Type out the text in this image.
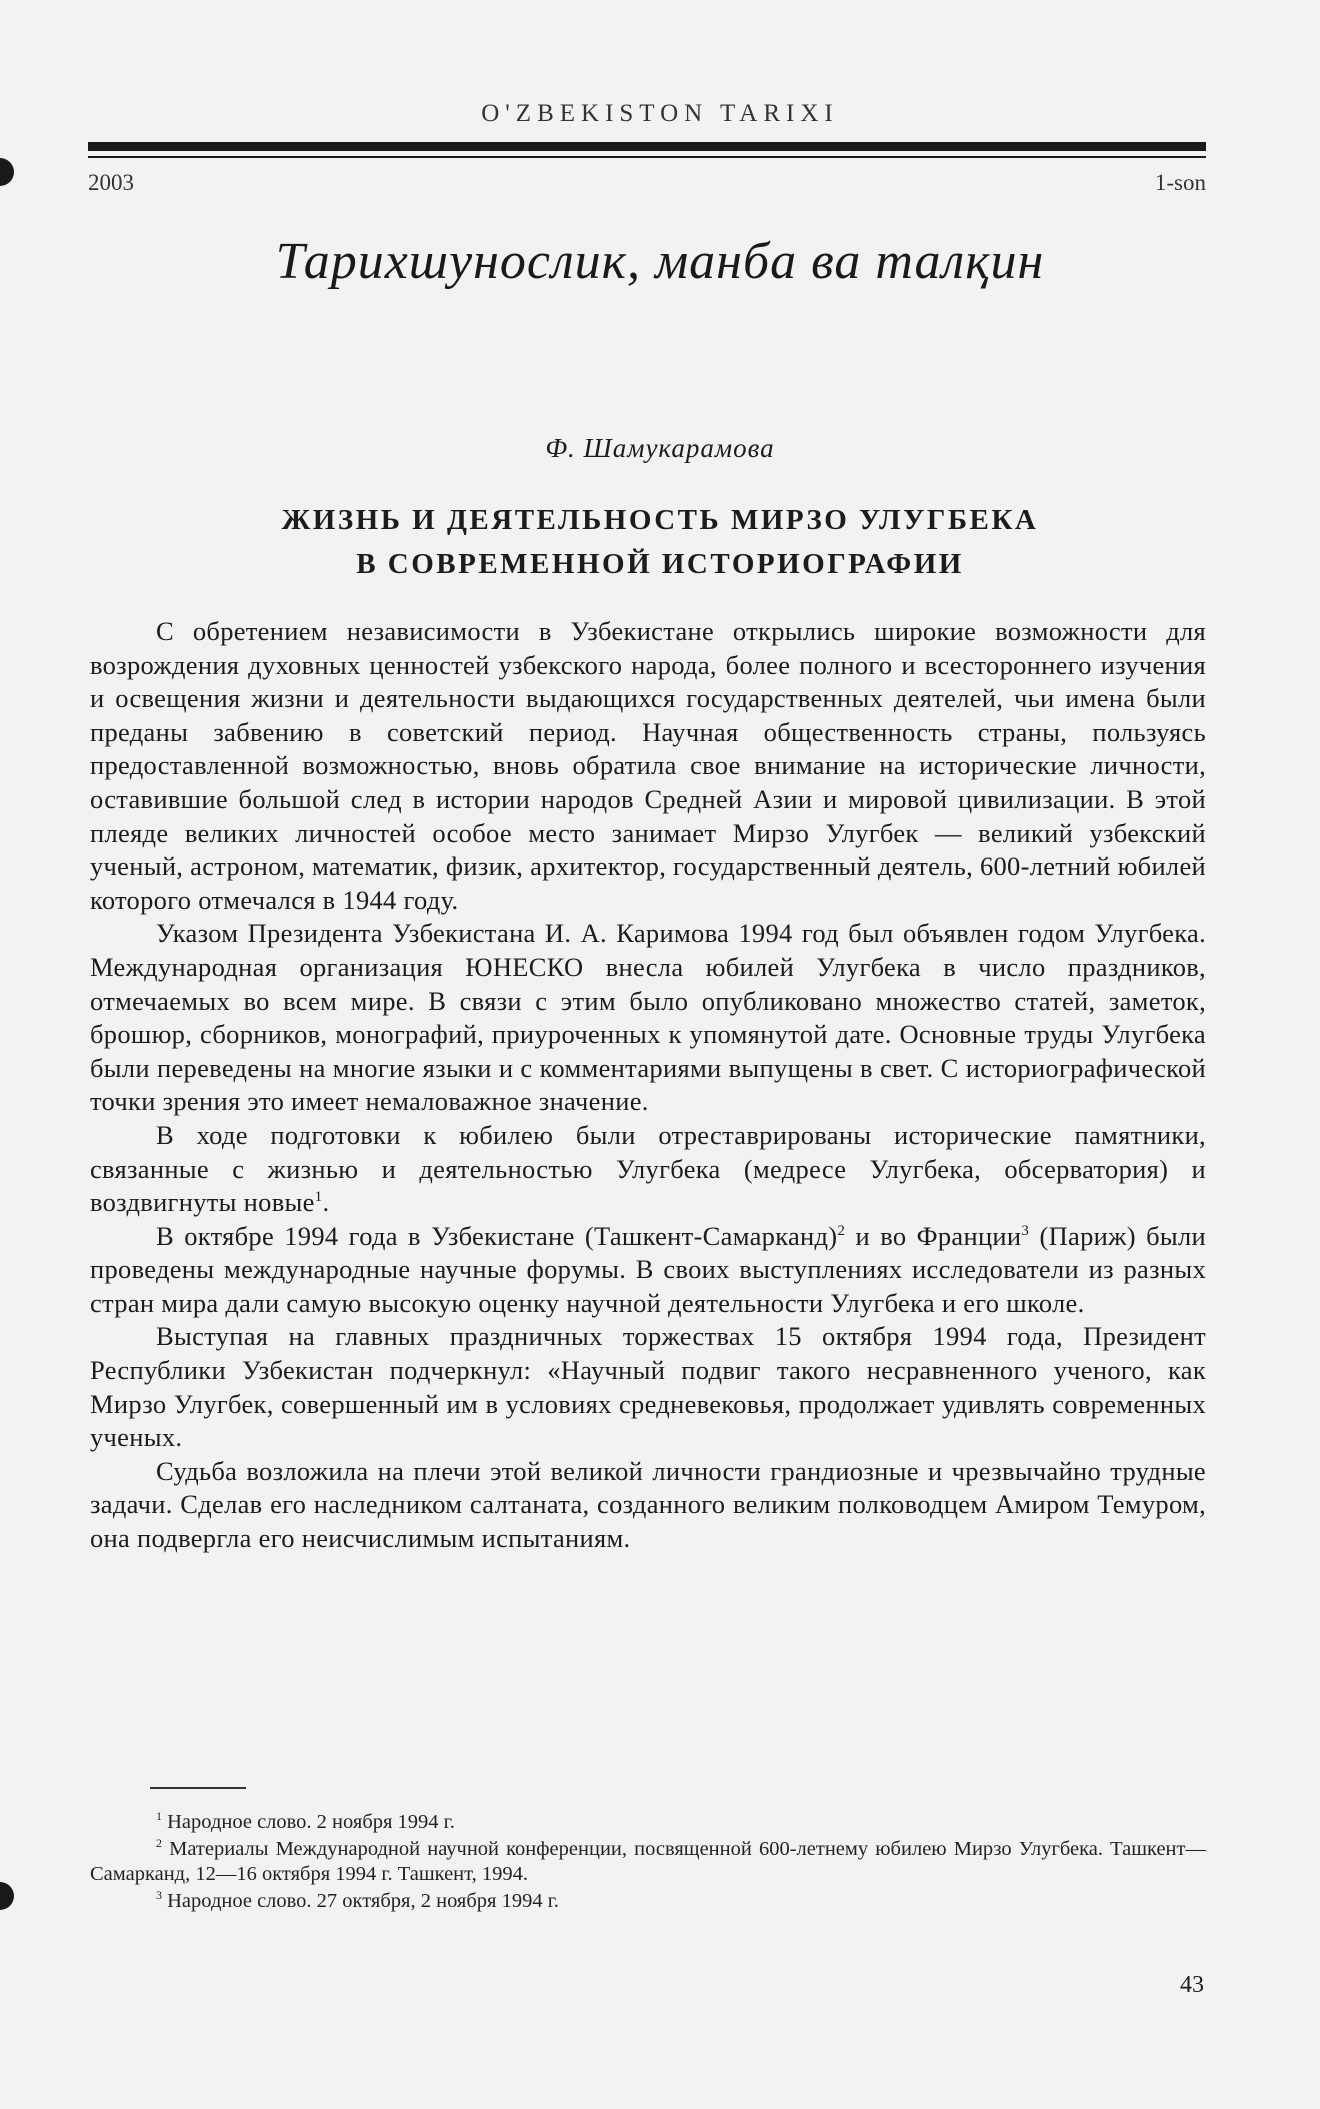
O'ZBEKISTON TARIXI
2003	1-son
Тарихшунослик, манба ва талқин
Ф. Шамукарамова
ЖИЗНЬ И ДЕЯТЕЛЬНОСТЬ МИРЗО УЛУГБЕКА
В СОВРЕМЕННОЙ ИСТОРИОГРАФИИ

С обретением независимости в Узбекистане открылись широкие возможности для возрождения духовных ценностей узбекского народа, более полного и всестороннего изучения и освещения жизни и деятельности выдающихся государственных деятелей, чьи имена были преданы забвению в советский период. Научная общественность страны, пользуясь предоставленной возможностью, вновь обратила свое внимание на исторические личности, оставившие большой след в истории народов Средней Азии и мировой цивилизации. В этой плеяде великих личностей особое место занимает Мирзо Улугбек — великий узбекский ученый, астроном, математик, физик, архитектор, государственный деятель, 600-летний юбилей которого отмечался в 1944 году.

Указом Президента Узбекистана И. А. Каримова 1994 год был объявлен годом Улугбека. Международная организация ЮНЕСКО внесла юбилей Улугбека в число праздников, отмечаемых во всем мире. В связи с этим было опубликовано множество статей, заметок, брошюр, сборников, монографий, приуроченных к упомянутой дате. Основные труды Улугбека были переведены на многие языки и с комментариями выпущены в свет. С историографической точки зрения это имеет немаловажное значение.

В ходе подготовки к юбилею были отреставрированы исторические памятники, связанные с жизнью и деятельностью Улугбека (медресе Улугбека, обсерватория) и воздвигнуты новые$^1$.

В октябре 1994 года в Узбекистане (Ташкент-Самарканд)$^2$ и во Франции$^3$ (Париж) были проведены международные научные форумы. В своих выступлениях исследователи из разных стран мира дали самую высокую оценку научной деятельности Улугбека и его школе.

Выступая на главных праздничных торжествах 15 октября 1994 года, Президент Республики Узбекистан подчеркнул: «Научный подвиг такого несравненного ученого, как Мирзо Улугбек, совершенный им в условиях средневековья, продолжает удивлять современных ученых.

Судьба возложила на плечи этой великой личности грандиозные и чрезвычайно трудные задачи. Сделав его наследником салтаната, созданного великим полководцем Амиром Темуром, она подвергла его неисчислимым испытаниям.

$^1$ Народное слово. 2 ноября 1994 г.

$^2$ Материалы Международной научной конференции, посвященной 600-летнему юбилею Мирзо Улугбека. Ташкент—Самарканд, 12—16 октября 1994 г. Ташкент, 1994.

$^3$ Народное слово. 27 октября, 2 ноября 1994 г.

43
